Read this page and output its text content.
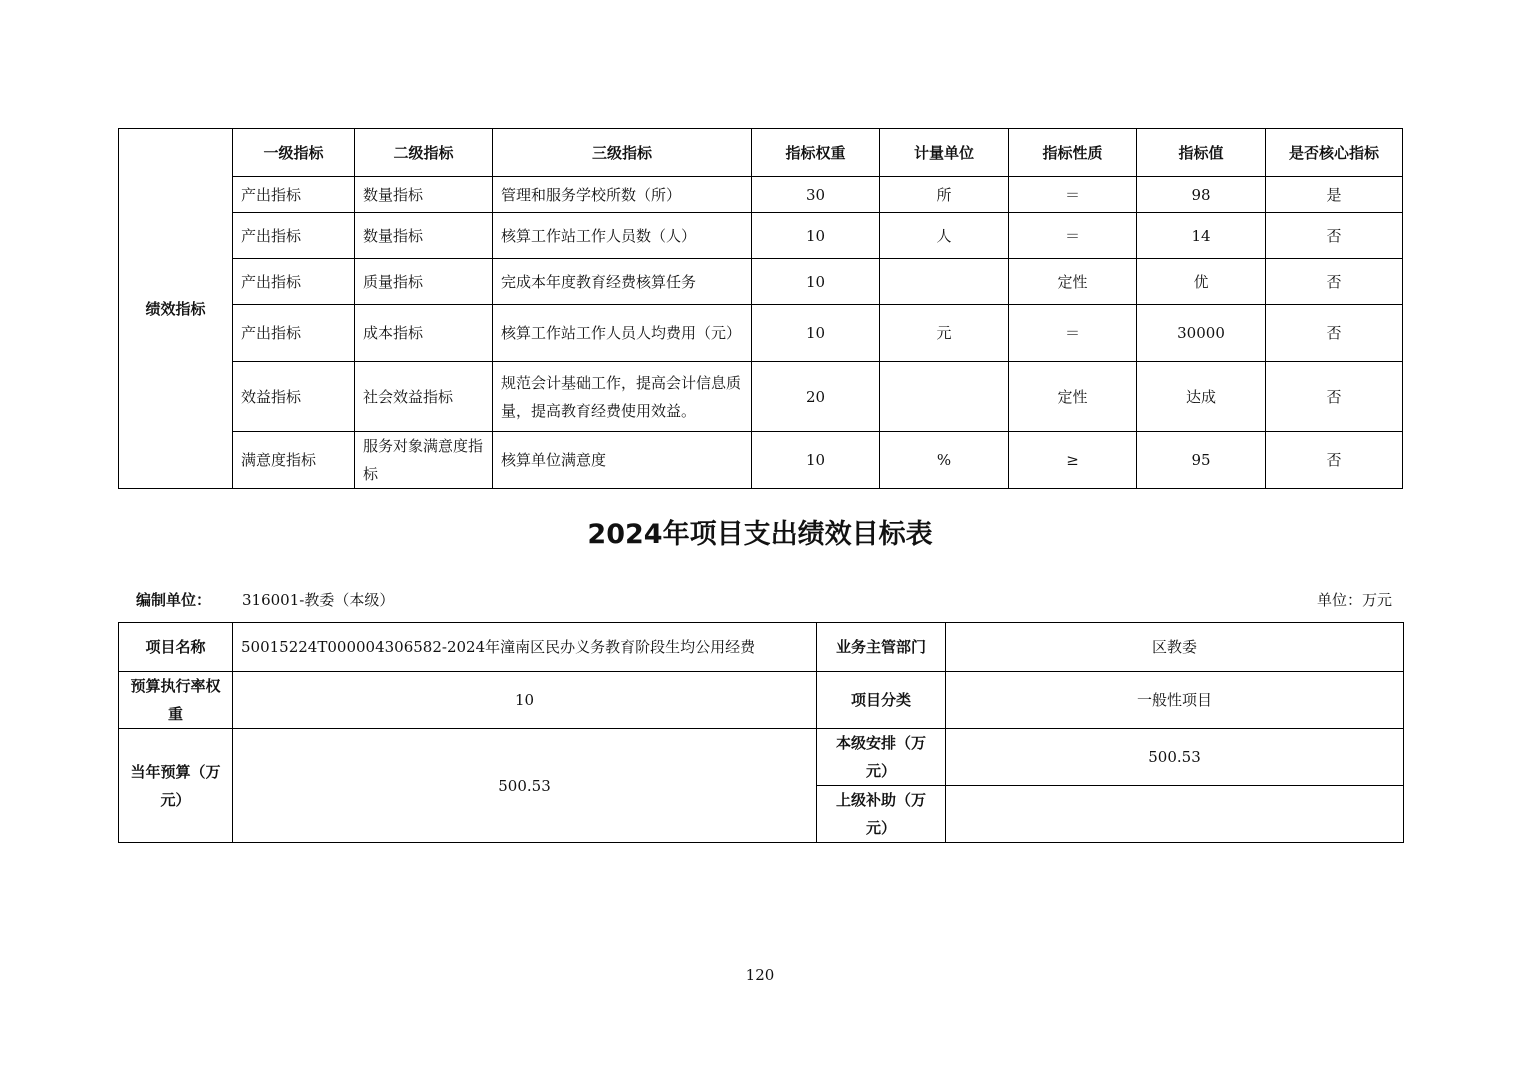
绩效指标	一级指标	二级指标	三级指标	指标权重	计量单位	指标性质	指标值	是否核心指标
	产出指标	数量指标	管理和服务学校所数（所）	30	所	＝	98	是
	产出指标	数量指标	核算工作站工作人员数（人）	10	人	＝	14	否
	产出指标	质量指标	完成本年度教育经费核算任务	10		定性	优	否
	产出指标	成本指标	核算工作站工作人员人均费用（元）	10	元	＝	30000	否
	效益指标	社会效益指标	规范会计基础工作，提高会计信息质量，提高教育经费使用效益。	20		定性	达成	否
	满意度指标	服务对象满意度指标	核算单位满意度	10	%	≥	95	否
2024年项目支出绩效目标表
编制单位： 316001-教委（本级）	单位：万元
项目名称	50015224T000004306582-2024年潼南区民办义务教育阶段生均公用经费	业务主管部门	区教委
预算执行率权重	10	项目分类	一般性项目
当年预算（万元）	500.53	本级安排（万元）	500.53
		上级补助（万元）	
120
